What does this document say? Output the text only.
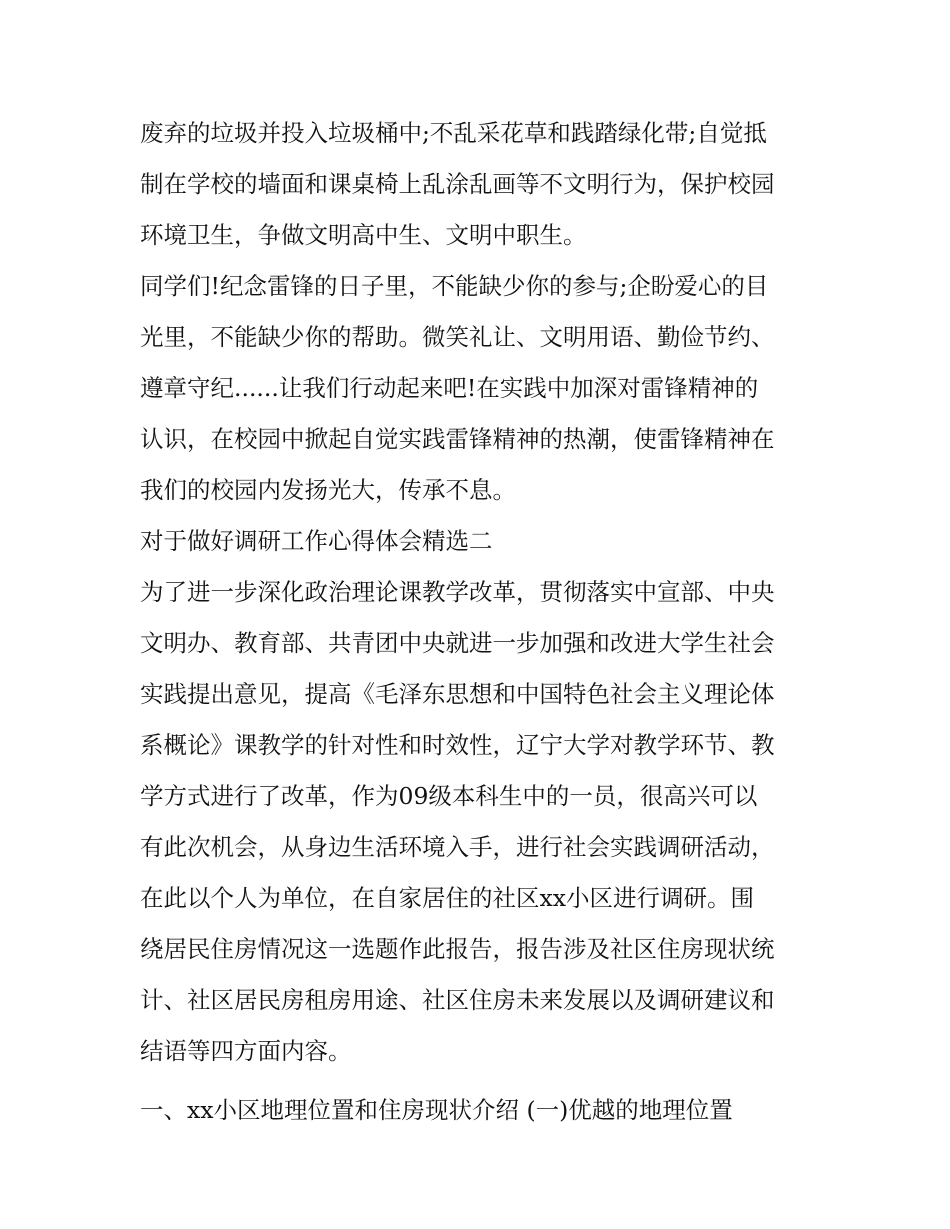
废弃的垃圾并投入垃圾桶中;不乱采花草和践踏绿化带;自觉抵
制在学校的墙面和课桌椅上乱涂乱画等不文明行为，保护校园
环境卫生，争做文明高中生、文明中职生。
同学们!纪念雷锋的日子里，不能缺少你的参与;企盼爱心的目
光里，不能缺少你的帮助。微笑礼让、文明用语、勤俭节约、
遵章守纪......让我们行动起来吧!在实践中加深对雷锋精神的
认识，在校园中掀起自觉实践雷锋精神的热潮，使雷锋精神在
我们的校园内发扬光大，传承不息。
对于做好调研工作心得体会精选二
为了进一步深化政治理论课教学改革，贯彻落实中宣部、中央
文明办、教育部、共青团中央就进一步加强和改进大学生社会
实践提出意见，提高《毛泽东思想和中国特色社会主义理论体
系概论》课教学的针对性和时效性，辽宁大学对教学环节、教
学方式进行了改革，作为09级本科生中的一员，很高兴可以
有此次机会，从身边生活环境入手，进行社会实践调研活动，
在此以个人为单位，在自家居住的社区xx小区进行调研。围
绕居民住房情况这一选题作此报告，报告涉及社区住房现状统
计、社区居民房租房用途、社区住房未来发展以及调研建议和
结语等四方面内容。
一、xx小区地理位置和住房现状介绍 (一)优越的地理位置
